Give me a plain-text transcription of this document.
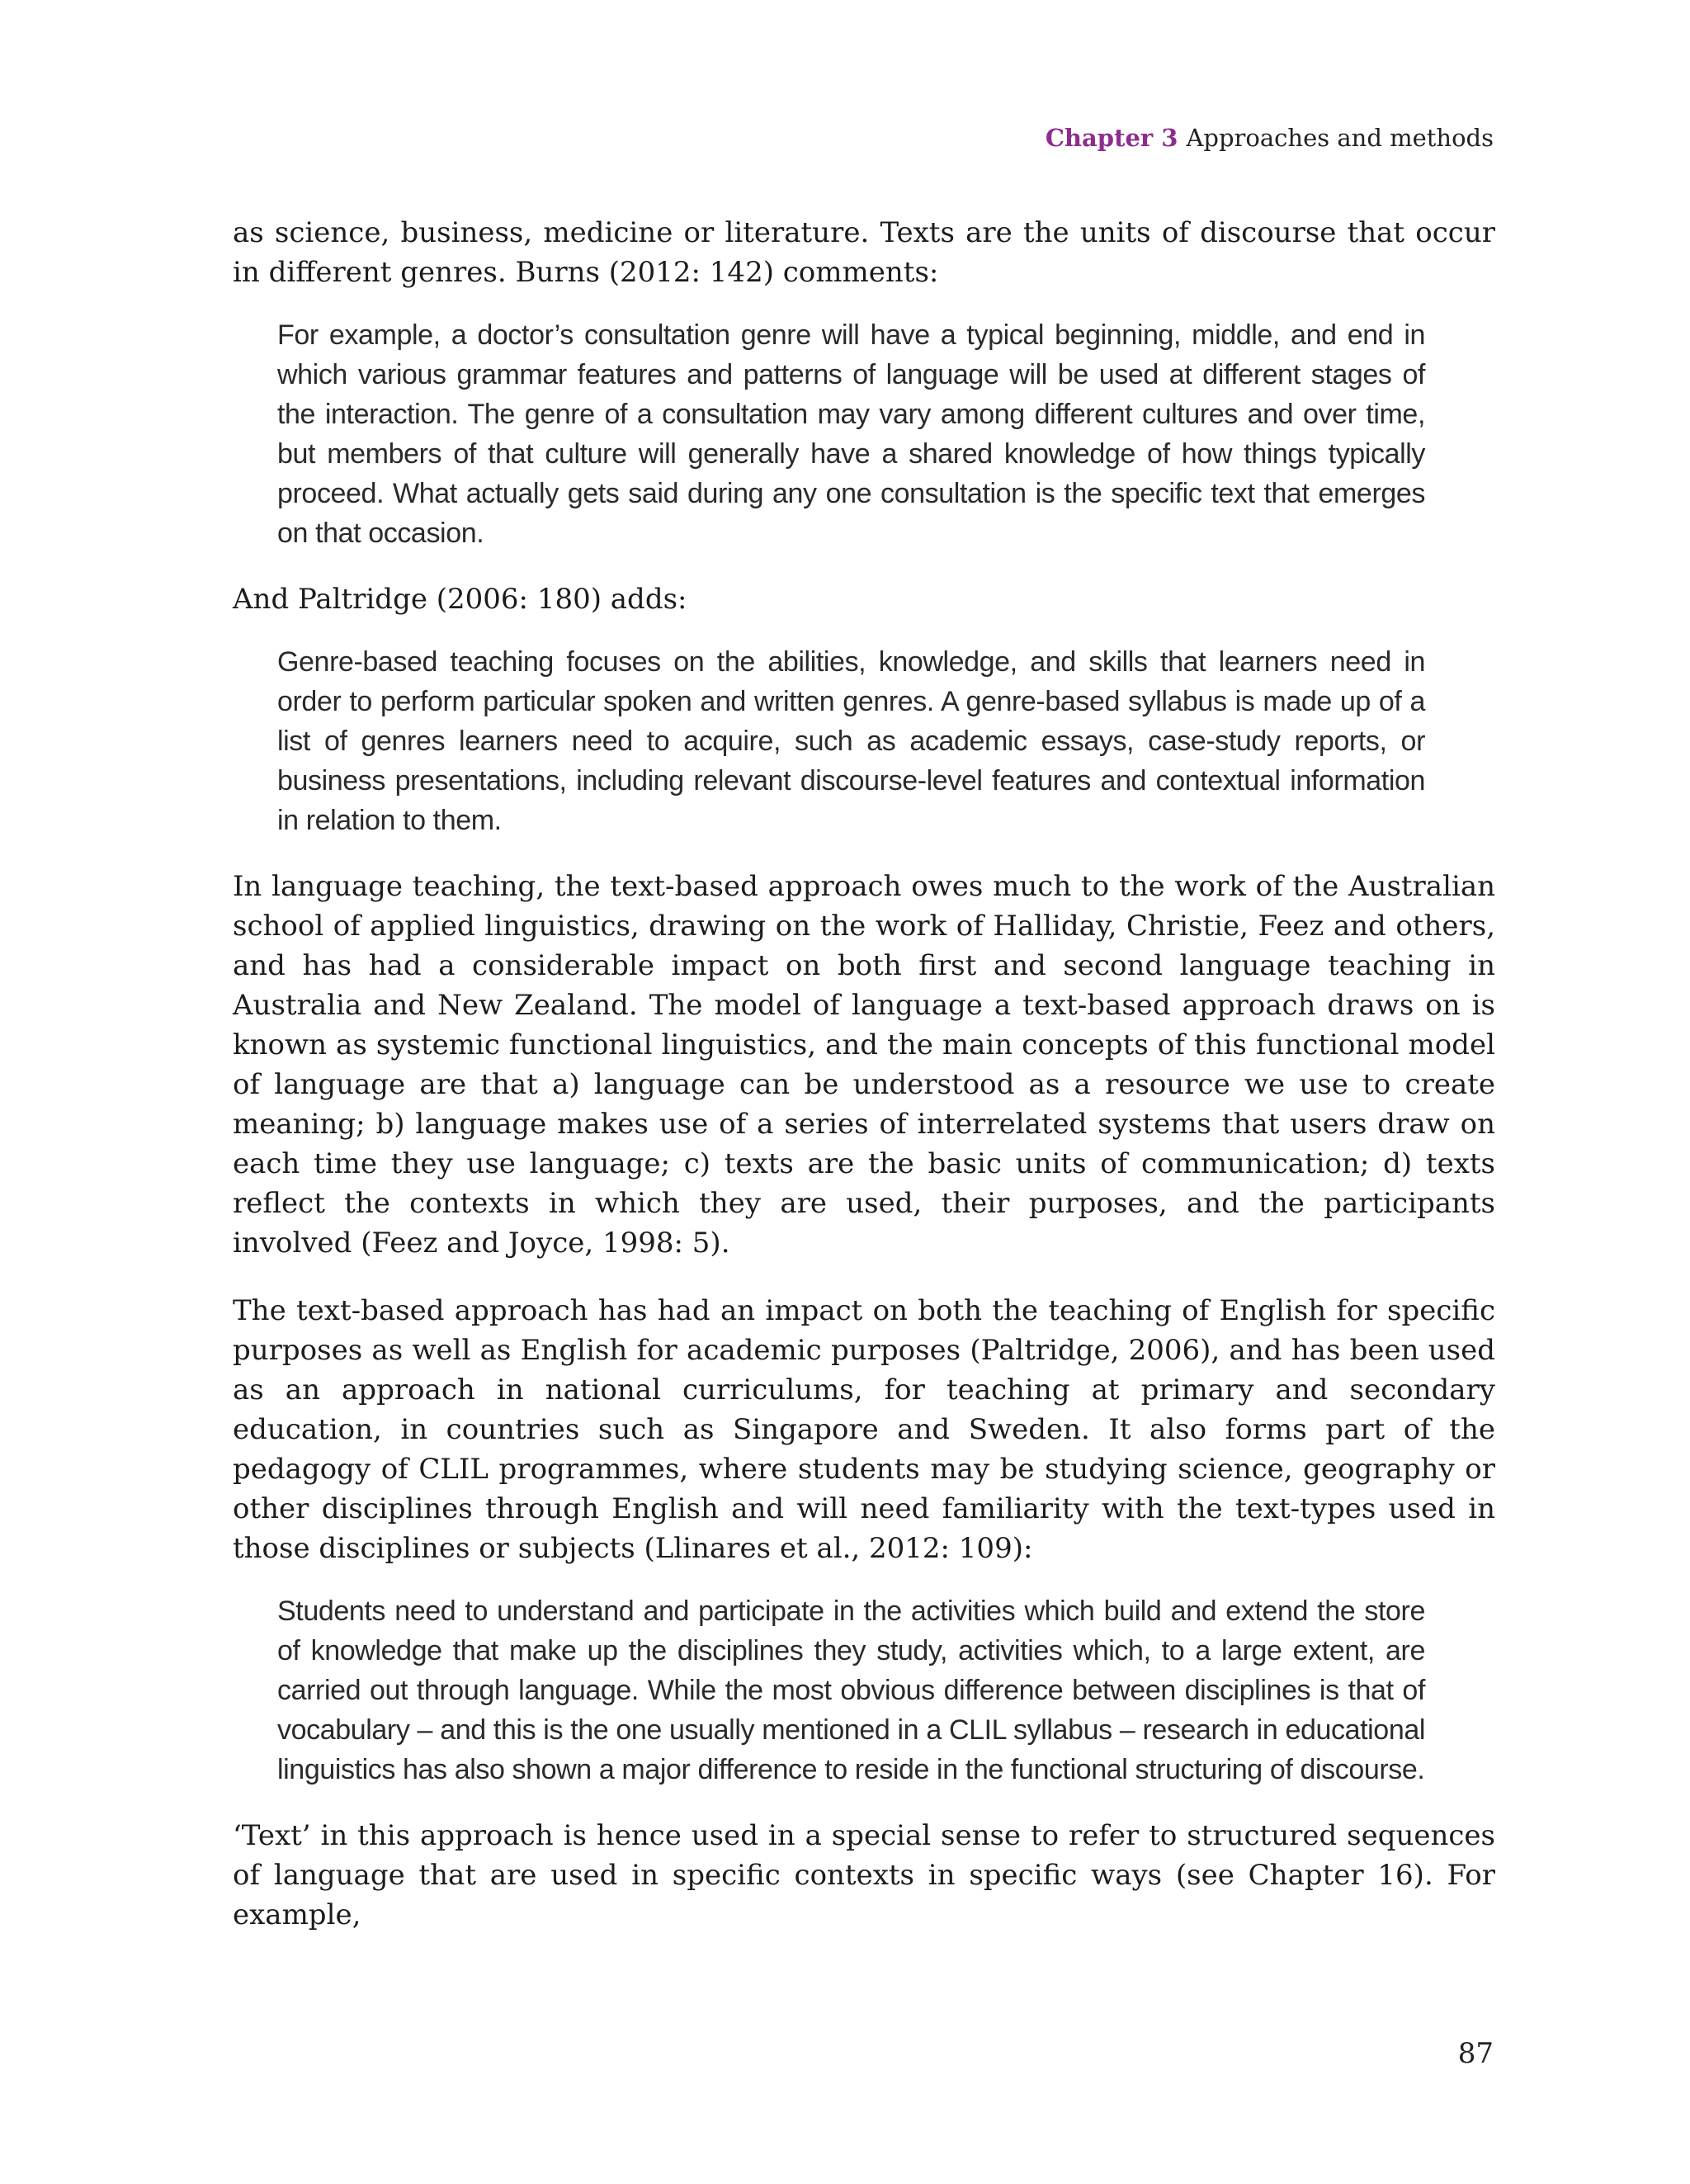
Chapter 3 Approaches and methods

as science, business, medicine or literature. Texts are the units of discourse that occur in different genres. Burns (2012: 142) comments:

For example, a doctor’s consultation genre will have a typical beginning, middle, and end in which various grammar features and patterns of language will be used at different stages of the interaction. The genre of a consultation may vary among different cultures and over time, but members of that culture will generally have a shared knowledge of how things typically proceed. What actually gets said during any one consultation is the specific text that emerges on that occasion.

And Paltridge (2006: 180) adds:

Genre-based teaching focuses on the abilities, knowledge, and skills that learners need in order to perform particular spoken and written genres. A genre-based syllabus is made up of a list of genres learners need to acquire, such as academic essays, case-study reports, or business presentations, including relevant discourse-level features and contextual information in relation to them.

In language teaching, the text-based approach owes much to the work of the Australian school of applied linguistics, drawing on the work of Halliday, Christie, Feez and others, and has had a considerable impact on both first and second language teaching in Australia and New Zealand. The model of language a text-based approach draws on is known as systemic functional linguistics, and the main concepts of this functional model of language are that a) language can be understood as a resource we use to create meaning; b) language makes use of a series of interrelated systems that users draw on each time they use language; c) texts are the basic units of communication; d) texts reflect the contexts in which they are used, their purposes, and the participants involved (Feez and Joyce, 1998: 5).

The text-based approach has had an impact on both the teaching of English for specific purposes as well as English for academic purposes (Paltridge, 2006), and has been used as an approach in national curriculums, for teaching at primary and secondary education, in countries such as Singapore and Sweden. It also forms part of the pedagogy of CLIL programmes, where students may be studying science, geography or other disciplines through English and will need familiarity with the text-types used in those disciplines or subjects (Llinares et al., 2012: 109):

Students need to understand and participate in the activities which build and extend the store of knowledge that make up the disciplines they study, activities which, to a large extent, are carried out through language. While the most obvious difference between disciplines is that of vocabulary – and this is the one usually mentioned in a CLIL syllabus – research in educational linguistics has also shown a major difference to reside in the functional structuring of discourse.

‘Text’ in this approach is hence used in a special sense to refer to structured sequences of language that are used in specific contexts in specific ways (see Chapter 16). For example,

87
